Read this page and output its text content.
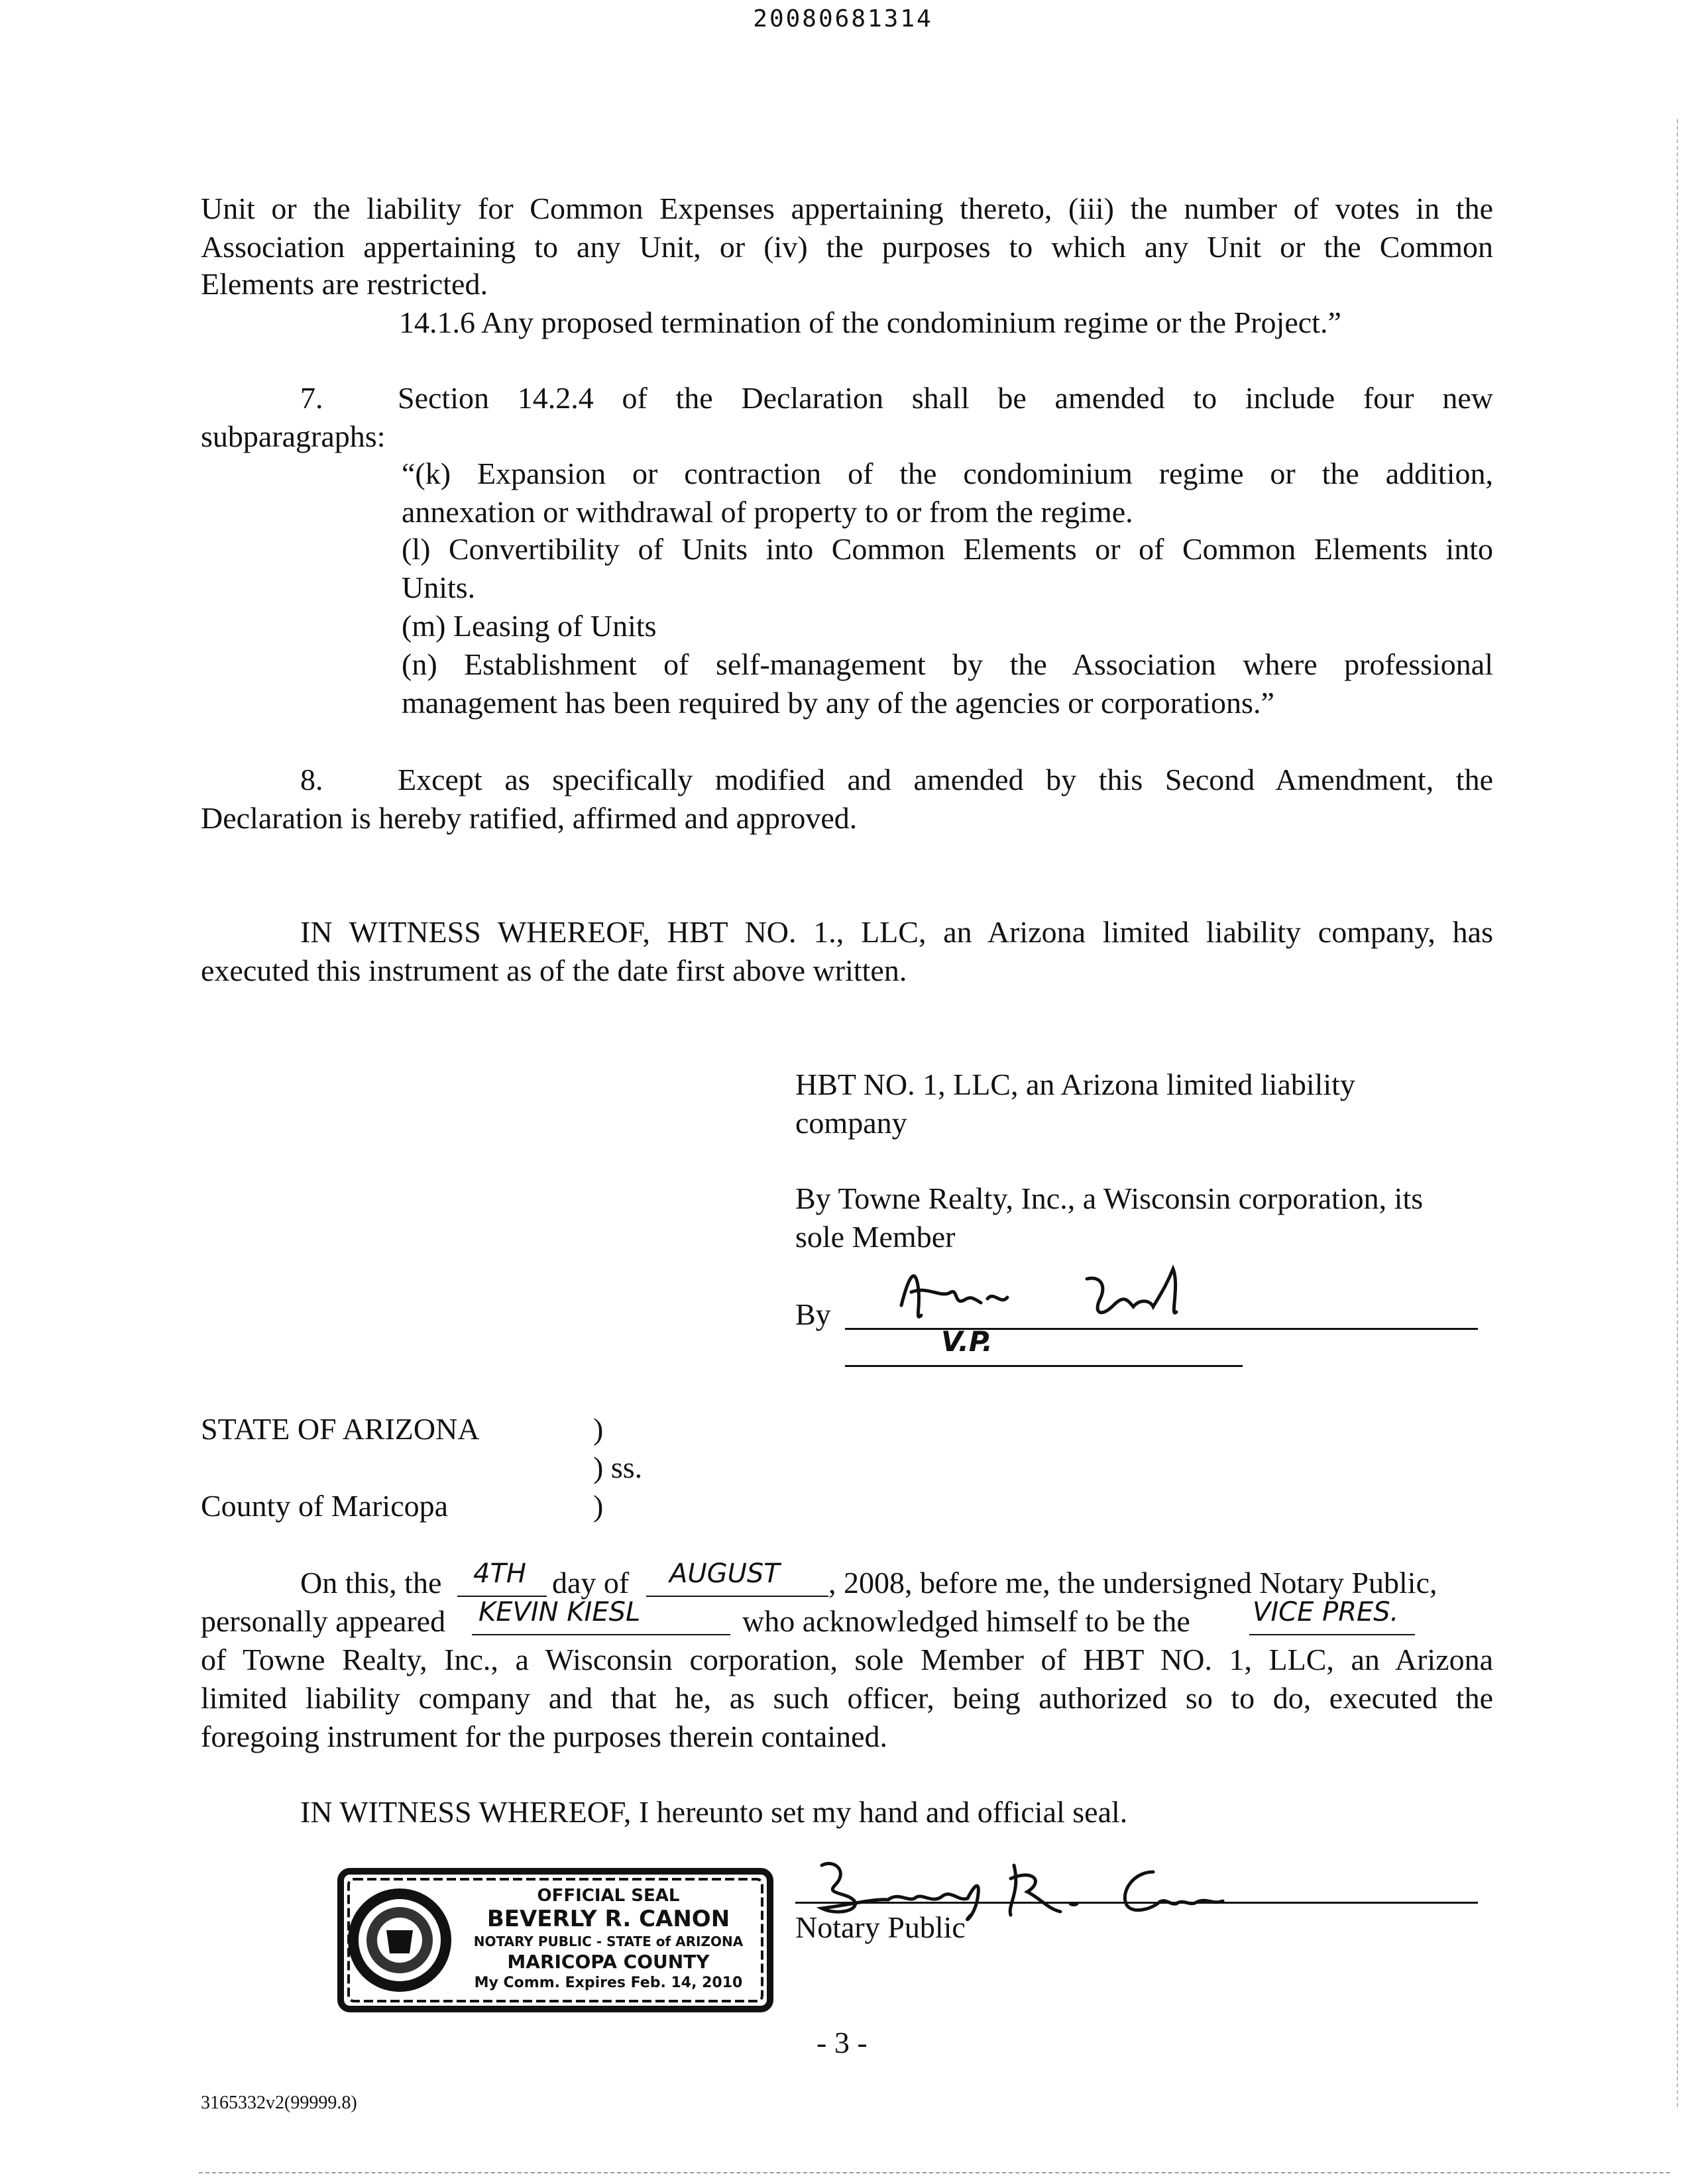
20080681314
Unit or the liability for Common Expenses appertaining thereto, (iii) the number of votes in the
Association appertaining to any Unit, or (iv) the purposes to which any Unit or the Common
Elements are restricted.
14.1.6 Any proposed termination of the condominium regime or the Project.”
7. Section 14.2.4 of the Declaration shall be amended to include four new
subparagraphs:
“(k) Expansion or contraction of the condominium regime or the addition,
annexation or withdrawal of property to or from the regime.
(l) Convertibility of Units into Common Elements or of Common Elements into
Units.
(m) Leasing of Units
(n) Establishment of self-management by the Association where professional
management has been required by any of the agencies or corporations.”
8. Except as specifically modified and amended by this Second Amendment, the
Declaration is hereby ratified, affirmed and approved.
IN WITNESS WHEREOF, HBT NO. 1., LLC, an Arizona limited liability company, has
executed this instrument as of the date first above written.
HBT NO. 1, LLC, an Arizona limited liability
company
By Towne Realty, Inc., a Wisconsin corporation, its
sole Member
By
V.P.
STATE OF ARIZONA	)
) ss.
County of Maricopa	)
On this, the 4TH day of AUGUST , 2008, before me, the undersigned Notary Public,
personally appeared KEVIN KIESL	who acknowledged himself to be the VICE PRES.
of Towne Realty, Inc., a Wisconsin corporation, sole Member of HBT NO. 1, LLC, an Arizona
limited liability company and that he, as such officer, being authorized so to do, executed the
foregoing instrument for the purposes therein contained.
IN WITNESS WHEREOF, I hereunto set my hand and official seal.
OFFICIAL SEAL
BEVERLY R. CANON
NOTARY PUBLIC - STATE of ARIZONA
MARICOPA COUNTY
My Comm. Expires Feb. 14, 2010
Notary Public
- 3 -
3165332v2(99999.8)
